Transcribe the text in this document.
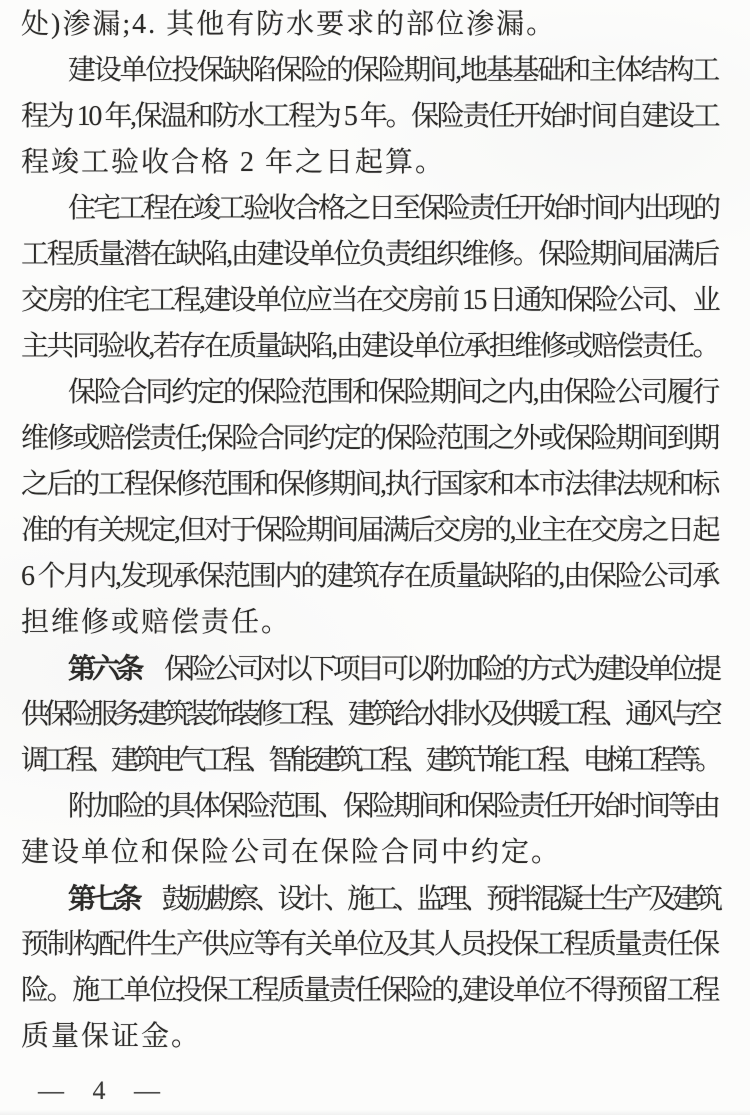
处)渗漏;4. 其他有防水要求的部位渗漏。
建设单位投保缺陷保险的保险期间,地基基础和主体结构工
程为 10 年,保温和防水工程为 5 年。保险责任开始时间自建设工
程竣工验收合格 2 年之日起算。
住宅工程在竣工验收合格之日至保险责任开始时间内出现的
工程质量潜在缺陷,由建设单位负责组织维修。保险期间届满后
交房的住宅工程,建设单位应当在交房前 15 日通知保险公司、业
主共同验收,若存在质量缺陷,由建设单位承担维修或赔偿责任。
保险合同约定的保险范围和保险期间之内,由保险公司履行
维修或赔偿责任;保险合同约定的保险范围之外或保险期间到期
之后的工程保修范围和保修期间,执行国家和本市法律法规和标
准的有关规定,但对于保险期间届满后交房的,业主在交房之日起
6 个月内,发现承保范围内的建筑存在质量缺陷的,由保险公司承
担维修或赔偿责任。
第六条 保险公司对以下项目可以附加险的方式为建设单位提
供保险服务:建筑装饰装修工程、建筑给水排水及供暖工程、通风与空
调工程、建筑电气工程、智能建筑工程、建筑节能工程、电梯工程等。
附加险的具体保险范围、保险期间和保险责任开始时间等由
建设单位和保险公司在保险合同中约定。
第七条 鼓励勘察、设计、施工、监理、预拌混凝土生产及建筑
预制构配件生产供应等有关单位及其人员投保工程质量责任保
险。施工单位投保工程质量责任保险的,建设单位不得预留工程
质量保证金。
— 4 —
